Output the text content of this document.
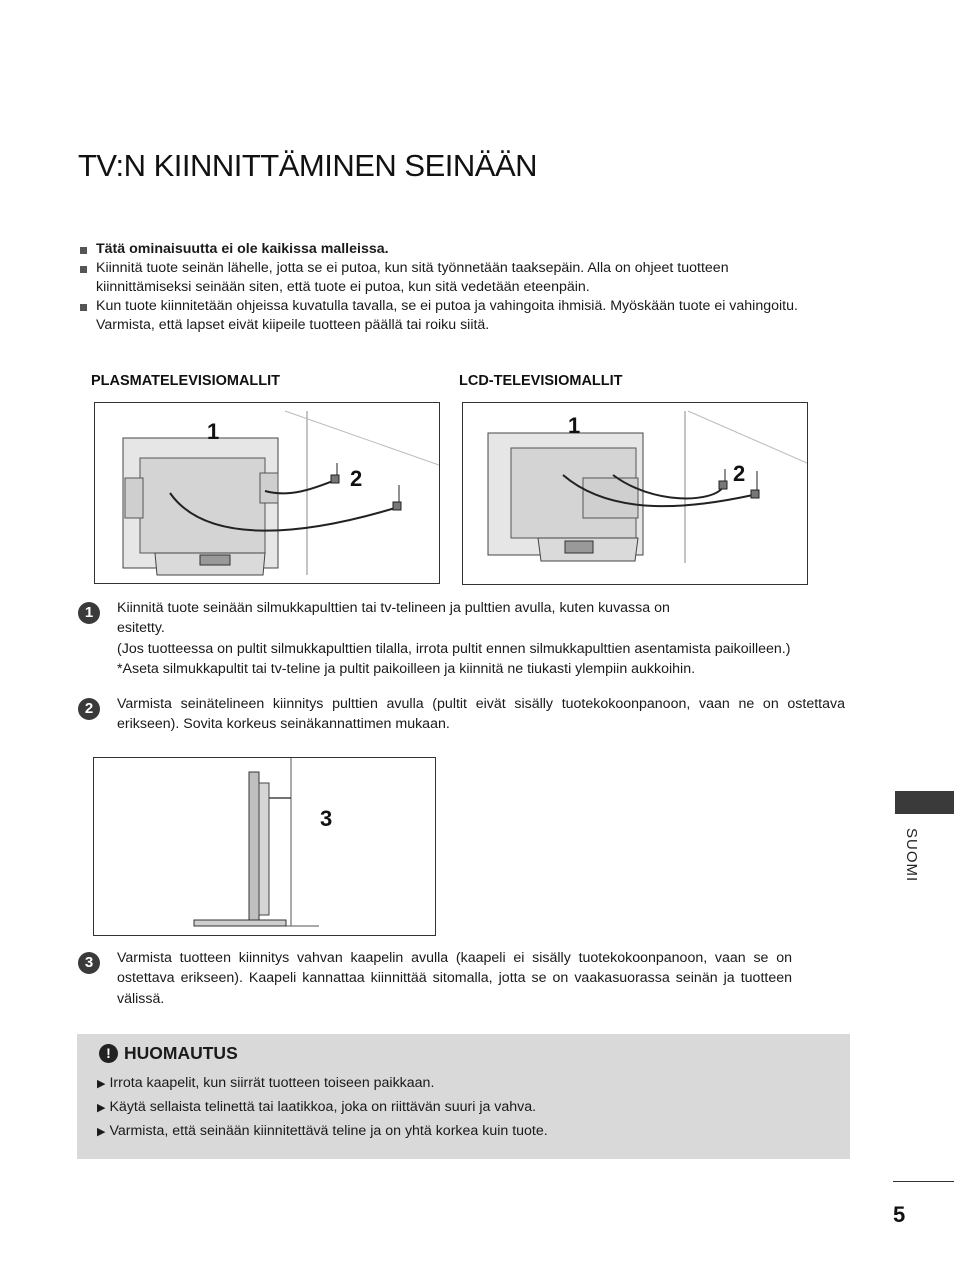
TV:N KIINNITTÄMINEN SEINÄÄN
Tätä ominaisuutta ei ole kaikissa malleissa.
Kiinnitä tuote seinän lähelle, jotta se ei putoa, kun sitä työnnetään taaksepäin. Alla on ohjeet tuotteen kiinnittämiseksi seinään siten, että tuote ei putoa, kun sitä vedetään eteenpäin.
Kun tuote kiinnitetään ohjeissa kuvatulla tavalla, se ei putoa ja vahingoita ihmisiä. Myöskään tuote ei vahingoitu. Varmista, että lapset eivät kiipeile tuotteen päällä tai roiku siitä.
PLASMATELEVISIOMALLIT	LCD-TELEVISIOMALLIT
1
2
1
2
1	Kiinnitä tuote seinään silmukkapulttien tai tv-telineen ja pulttien avulla, kuten kuvassa on esitetty.
(Jos tuotteessa on pultit silmukkapulttien tilalla, irrota pultit ennen silmukkapulttien asentamista paikoilleen.)
*Aseta silmukkapultit tai tv-teline ja pultit paikoilleen ja kiinnitä ne tiukasti ylempiin aukkoihin.
2	Varmista seinätelineen kiinnitys pulttien avulla (pultit eivät sisälly tuotekokoonpanoon, vaan ne on ostettava erikseen). Sovita korkeus seinäkannattimen mukaan.
3
3	Varmista tuotteen kiinnitys vahvan kaapelin avulla (kaapeli ei sisälly tuotekokoonpanoon, vaan se on ostettava erikseen). Kaapeli kannattaa kiinnittää sitomalla, jotta se on vaakasuorassa seinän ja tuotteen välissä.
! HUOMAUTUS
▶ Irrota kaapelit, kun siirrät tuotteen toiseen paikkaan.
▶ Käytä sellaista telinettä tai laatikkoa, joka on riittävän suuri ja vahva.
▶ Varmista, että seinään kiinnitettävä teline ja on yhtä korkea kuin tuote.
SUOMI
5
